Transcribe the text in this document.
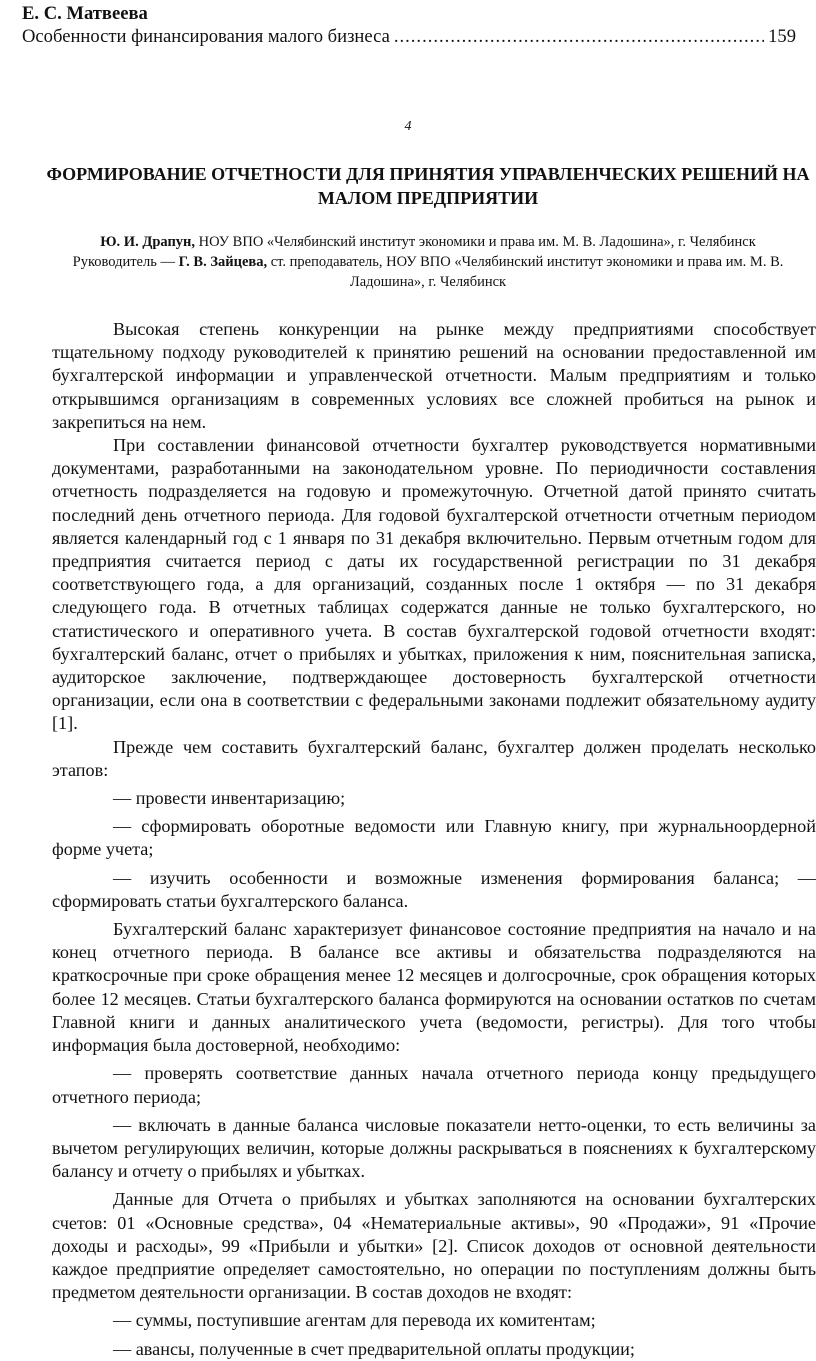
Е. С. Матвеева
Особенности финансирования малого бизнеса
.....	159
4
ФОРМИРОВАНИЕ ОТЧЕТНОСТИ ДЛЯ ПРИНЯТИЯ УПРАВЛЕНЧЕСКИХ РЕШЕНИЙ НА МАЛОМ ПРЕДПРИЯТИИ
Ю. И. Драпун, НОУ ВПО «Челябинский институт экономики и права им. М. В. Ладошина», г. Челябинск
Руководитель — Г. В. Зайцева, ст. преподаватель, НОУ ВПО «Челябинский институт экономики и права им. М. В. Ладошина», г. Челябинск

Высокая степень конкуренции на рынке между предприятиями способствует тщательному подходу руководителей к принятию решений на основании предоставленной им бухгалтерской информации и управленческой отчетности. Малым предприятиям и только открывшимся организациям в современных условиях все сложней пробиться на рынок и закрепиться на нем.

При составлении финансовой отчетности бухгалтер руководствуется нормативными документами, разработанными на законодательном уровне. По периодичности составления отчетность подразделяется на годовую и промежуточную. Отчетной датой принято считать последний день отчетного периода. Для годовой бухгалтерской отчетности отчетным периодом является календарный год с 1 января по 31 декабря включительно. Первым отчетным годом для предприятия считается период с даты их государственной регистрации по 31 декабря соответствующего года, а для организаций, созданных после 1 октября — по 31 декабря следующего года. В отчетных таблицах содержатся данные не только бухгалтерского, но статистического и оперативного учета. В состав бухгалтерской годовой отчетности входят: бухгалтерский баланс, отчет о прибылях и убытках, приложения к ним, пояснительная записка, аудиторское заключение, подтверждающее достоверность бухгалтерской отчетности организации, если она в соответствии с федеральными законами подлежит обязательному аудиту [1].

Прежде чем составить бухгалтерский баланс, бухгалтер должен проделать несколько этапов:

— провести инвентаризацию;

— сформировать оборотные ведомости или Главную книгу, при журнальноордерной форме учета;

— изучить особенности и возможные изменения формирования баланса; — сформировать статьи бухгалтерского баланса.

Бухгалтерский баланс характеризует финансовое состояние предприятия на начало и на конец отчетного периода. В балансе все активы и обязательства подразделяются на краткосрочные при сроке обращения менее 12 месяцев и долгосрочные, срок обращения которых более 12 месяцев. Статьи бухгалтерского баланса формируются на основании остатков по счетам Главной книги и данных аналитического учета (ведомости, регистры). Для того чтобы информация была достоверной, необходимо:

— проверять соответствие данных начала отчетного периода концу предыдущего отчетного периода;

— включать в данные баланса числовые показатели нетто-оценки, то есть величины за вычетом регулирующих величин, которые должны раскрываться в пояснениях к бухгалтерскому балансу и отчету о прибылях и убытках.

Данные для Отчета о прибылях и убытках заполняются на основании бухгалтерских счетов: 01 «Основные средства», 04 «Нематериальные активы», 90 «Продажи», 91 «Прочие доходы и расходы», 99 «Прибыли и убытки» [2]. Список доходов от основной деятельности каждое предприятие определяет самостоятельно, но операции по поступлениям должны быть предметом деятельности организации. В состав доходов не входят:

— суммы, поступившие агентам для перевода их комитентам;

— авансы, полученные в счет предварительной оплаты продукции;
